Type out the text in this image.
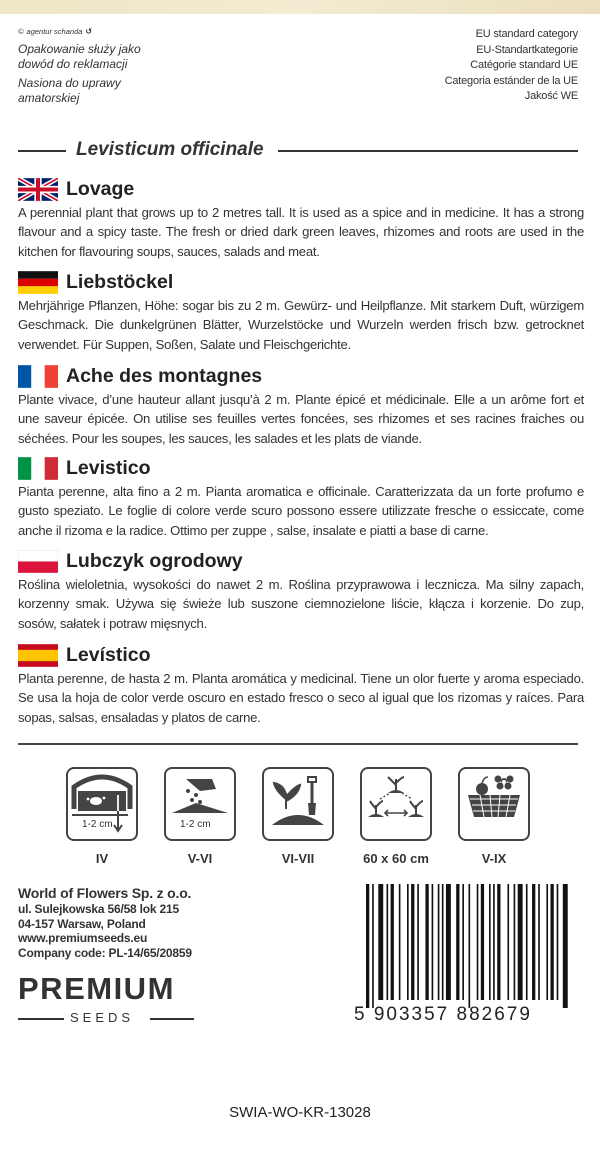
© agentur schanda ↺
Opakowanie służy jako dowód do reklamacji
Nasiona do uprawy amatorskiej
EU standard category
EU-Standartkategorie
Catégorie standard UE
Categoria estánder de la UE
Jakość WE
Levisticum officinale
Lovage
A perennial plant that grows up to 2 metres tall. It is used as a spice and in medicine. It has a strong flavour and a spicy taste. The fresh or dried dark green leaves, rhizomes and roots are used in the kitchen for flavouring soups, sauces, salads and meat.
Liebstöckel
Mehrjährige Pflanzen, Höhe: sogar bis zu 2 m. Gewürz- und Heilpflanze. Mit starkem Duft, würzigem Geschmack. Die dunkelgrünen Blätter, Wurzelstöcke und Wurzeln werden frisch bzw. getrocknet verwendet. Für Suppen, Soßen, Salate und Fleischgerichte.
Ache des montagnes
Plante vivace, d’une hauteur allant jusqu’à 2 m. Plante épicé et médicinale. Elle a un arôme fort et une saveur épicée. On utilise ses feuilles vertes foncées, ses rhizomes et ses racines fraiches ou séchées. Pour les soupes, les sauces, les salades et les plats de viande.
Levistico
Pianta perenne, alta fino a 2 m. Pianta aromatica e officinale. Caratterizzata da un forte profumo e gusto speziato. Le foglie di colore verde scuro possono essere utilizzate fresche o essiccate, come anche il rizoma e la radice. Ottimo per zuppe , salse, insalate e piatti a base di carne.
Lubczyk ogrodowy
Roślina wieloletnia, wysokości do nawet 2 m. Roślina przyprawowa i lecznicza. Ma silny zapach, korzenny smak. Używa się świeże lub suszone ciemnozielone liście, kłącza i korzenie. Do zup, sosów, sałatek i potraw mięsnych.
Levístico
Planta perenne, de hasta 2 m. Planta aromática y medicinal. Tiene un olor fuerte y aroma especiado. Se usa la hoja de color verde oscuro en estado fresco o seco al igual que los rizomas y raíces. Para sopas, salsas, ensaladas y platos de carne.
1-2 cm
IV
1-2 cm
V-VI	VI-VII	60 x 60 cm	V-IX
World of Flowers Sp. z o.o.
ul. Sulejkowska 56/58 lok 215
04-157 Warsaw, Poland
www.premiumseeds.eu
Company code: PL-14/65/20859
PREMIUM
SEEDS	5 903357 882679
SWIA-WO-KR-13028
